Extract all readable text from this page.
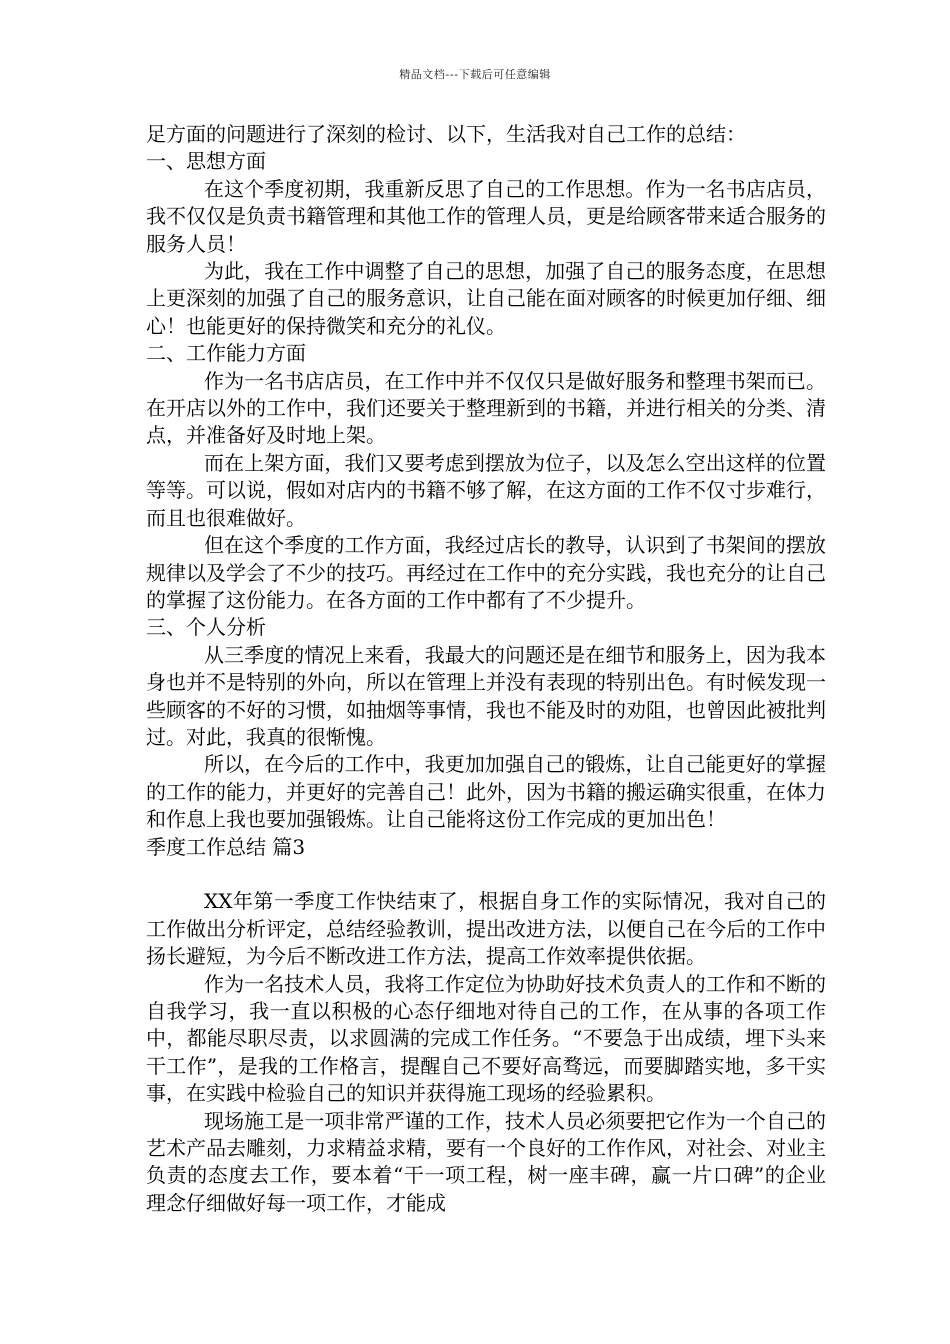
精品文档---下载后可任意编辑

足方面的问题进行了深刻的检讨、以下，生活我对自己工作的总结：

一、思想方面

在这个季度初期，我重新反思了自己的工作思想。作为一名书店店员，我不仅仅是负责书籍管理和其他工作的管理人员，更是给顾客带来适合服务的服务人员！

为此，我在工作中调整了自己的思想，加强了自己的服务态度，在思想上更深刻的加强了自己的服务意识，让自己能在面对顾客的时候更加仔细、细心！也能更好的保持微笑和充分的礼仪。

二、工作能力方面

作为一名书店店员，在工作中并不仅仅只是做好服务和整理书架而已。在开店以外的工作中，我们还要关于整理新到的书籍，并进行相关的分类、清点，并准备好及时地上架。

而在上架方面，我们又要考虑到摆放为位子，以及怎么空出这样的位置等等。可以说，假如对店内的书籍不够了解，在这方面的工作不仅寸步难行，而且也很难做好。

但在这个季度的工作方面，我经过店长的教导，认识到了书架间的摆放规律以及学会了不少的技巧。再经过在工作中的充分实践，我也充分的让自己的掌握了这份能力。在各方面的工作中都有了不少提升。

三、个人分析

从三季度的情况上来看，我最大的问题还是在细节和服务上，因为我本身也并不是特别的外向，所以在管理上并没有表现的特别出色。有时候发现一些顾客的不好的习惯，如抽烟等事情，我也不能及时的劝阻，也曾因此被批判过。对此，我真的很惭愧。

所以，在今后的工作中，我更加加强自己的锻炼，让自己能更好的掌握的工作的能力，并更好的完善自己！此外，因为书籍的搬运确实很重，在体力和作息上我也要加强锻炼。让自己能将这份工作完成的更加出色！

季度工作总结 篇3

XX年第一季度工作快结束了，根据自身工作的实际情况，我对自己的工作做出分析评定，总结经验教训，提出改进方法，以便自己在今后的工作中扬长避短，为今后不断改进工作方法，提高工作效率提供依据。

作为一名技术人员，我将工作定位为协助好技术负责人的工作和不断的自我学习，我一直以积极的心态仔细地对待自己的工作，在从事的各项工作中，都能尽职尽责，以求圆满的完成工作任务。“不要急于出成绩，埋下头来干工作”，是我的工作格言，提醒自己不要好高骛远，而要脚踏实地，多干实事，在实践中检验自己的知识并获得施工现场的经验累积。

现场施工是一项非常严谨的工作，技术人员必须要把它作为一个自己的艺术产品去雕刻，力求精益求精，要有一个良好的工作作风，对社会、对业主负责的态度去工作，要本着“干一项工程，树一座丰碑，赢一片口碑”的企业理念仔细做好每一项工作，才能成
